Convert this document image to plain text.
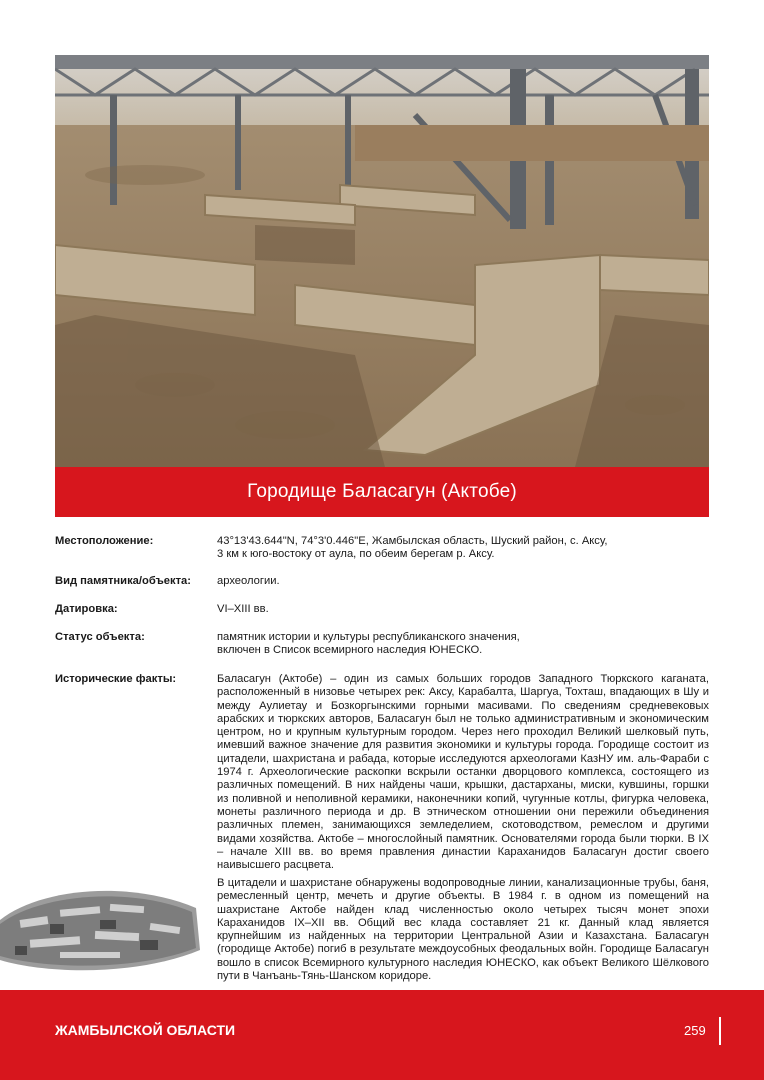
Городище Баласагун (Актобе)
Местоположение:	43°13'43.644"N, 74°3'0.446"E, Жамбылская область, Шуский район, с. Аксу,

3 км к юго-востоку от аула, по обеим берегам р. Аксу.

Вид памятника/объекта:	археологии.
Датировка:	VI–XIII вв.
Статус объекта:	памятник истории и культуры республиканского значения,

включен в Список всемирного наследия ЮНЕСКО.

Исторические факты:	Баласагун (Актобе) – один из самых больших городов Западного Тюркского каганата, расположенный в низовье четырех рек: Аксу, Карабалта, Шаргуа, Тохташ, впадающих в Шу и между Аулиетау и Бозкоргынскими горными масивами. По сведениям средневековых арабских и тюркских авторов, Баласагун был не только административным и экономическим центром, но и крупным культурным городом. Через него проходил Великий шелковый путь, имевший важное значение для развития экономики и культуры города. Городище состоит из цитадели, шахристана и рабада, которые исследуются археологами КазНУ им. аль-Фараби с 1974 г. Археологические раскопки вскрыли останки дворцового комплекса, состоящего из различных помещений. В них найдены чаши, крышки, дастарханы, миски, кувшины, горшки из поливной и неполивной керамики, наконечники копий, чугунные котлы, фигурка человека, монеты различного периода и др. В этническом отношении они пережили объединения различных племен, занимающихся земледелием, скотоводством, ремеслом и другими видами хозяйства. Актобе – многослойный памятник. Основателями города были тюрки. В IX – начале XIII вв. во время правления династии Караханидов Баласагун достиг своего наивысшего расцвета.
В цитадели и шахристане обнаружены водопроводные линии, канализационные трубы, баня, ремесленный центр, мечеть и другие объекты. В 1984 г. в одном из помещений на шахристане Актобе найден клад численностью около четырех тысяч монет эпохи Караханидов IX–XII вв. Общий вес клада составляет 21 кг. Данный клад является крупнейшим из найденных на территории Центральной Азии и Казахстана. Баласагун (городище Актобе) погиб в результате междоусобных феодальных войн. Городище Баласагун вошло в список Всемирного культурного наследия ЮНЕСКО, как объект Великого Шёлкового пути в Чанъань-Тянь-Шанском коридоре.
ЖАМБЫЛСКОЙ ОБЛАСТИ	259
